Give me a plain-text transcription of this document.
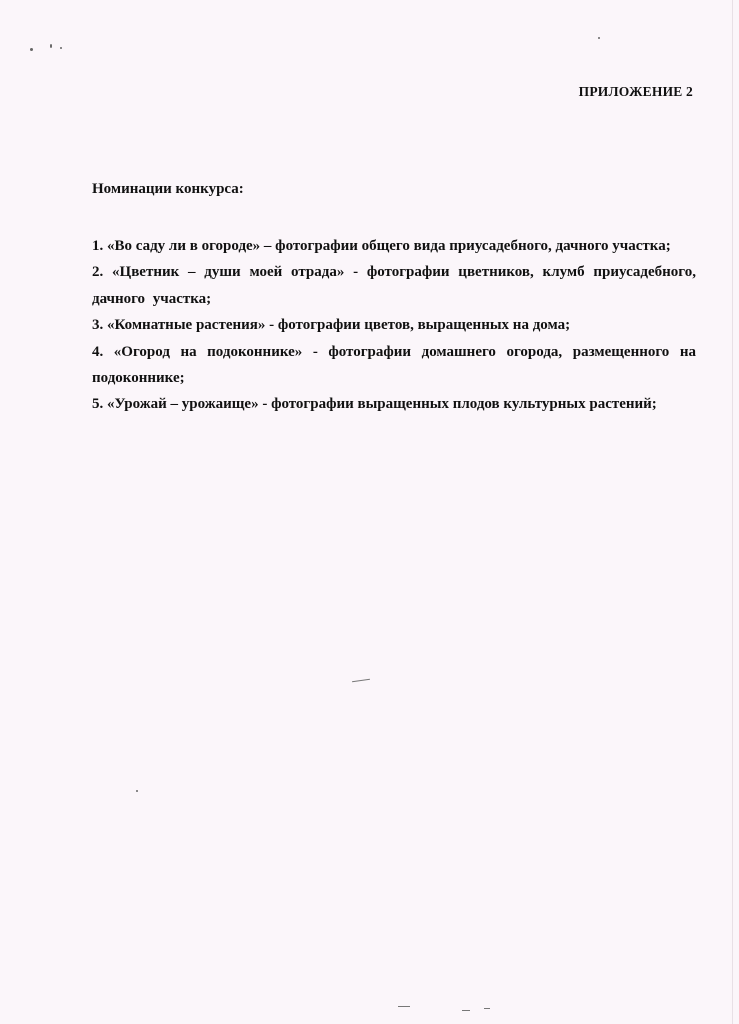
ПРИЛОЖЕНИЕ 2
Номинации конкурса:
1. «Во саду ли в огороде» – фотографии общего вида приусадебного, дачного участка;
2. «Цветник – души моей отрада» - фотографии цветников, клумб приусадебного, дачного участка;
3. «Комнатные растения» - фотографии цветов, выращенных на дома;
4. «Огород на подоконнике» - фотографии домашнего огорода, размещенного на подоконнике;
5. «Урожай – урожаище» - фотографии выращенных плодов культурных растений;
